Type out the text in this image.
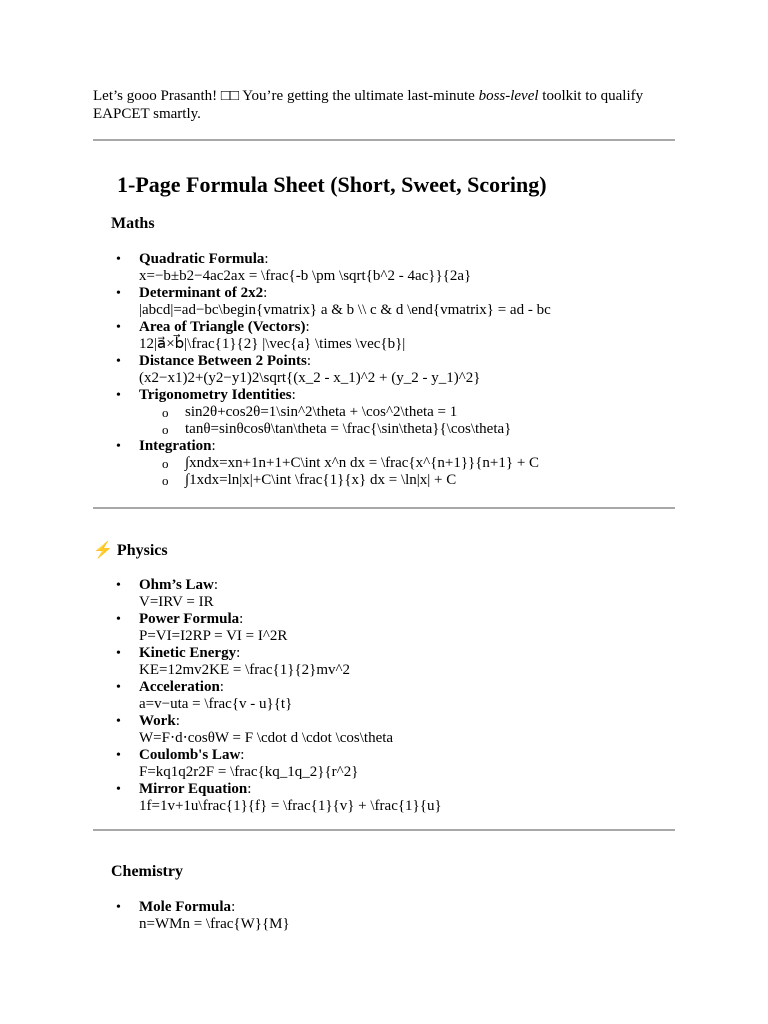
Let’s gooo Prasanth! □□ You’re getting the ultimate last-minute boss-level toolkit to qualify EAPCET smartly.
1-Page Formula Sheet (Short, Sweet, Scoring)
Maths
• Quadratic Formula:
x=−b±b2−4ac2ax = \frac{-b \pm \sqrt{b^2 - 4ac}}{2a}
• Determinant of 2x2:
|abcd|=ad−bc\begin{vmatrix} a & b \\ c & d \end{vmatrix} = ad - bc
• Area of Triangle (Vectors):
12|a⃗×b⃗|\frac{1}{2} |\vec{a} \times \vec{b}|
• Distance Between 2 Points:
(x2−x1)2+(y2−y1)2\sqrt{(x_2 - x_1)^2 + (y_2 - y_1)^2}
• Trigonometry Identities:
o sin2θ+cos2θ=1\sin^2\theta + \cos^2\theta = 1
o tanθ=sinθcosθ\tan\theta = \frac{\sin\theta}{\cos\theta}
• Integration:
o ∫xndx=xn+1n+1+C\int x^n dx = \frac{x^{n+1}}{n+1} + C
o ∫1xdx=ln|x|+C\int \frac{1}{x} dx = \ln|x| + C
⚡ Physics
• Ohm’s Law:
V=IRV = IR
• Power Formula:
P=VI=I2RP = VI = I^2R
• Kinetic Energy:
KE=12mv2KE = \frac{1}{2}mv^2
• Acceleration:
a=v−uta = \frac{v - u}{t}
• Work:
W=F⋅d⋅cosθW = F \cdot d \cdot \cos\theta
• Coulomb's Law:
F=kq1q2r2F = \frac{kq_1q_2}{r^2}
• Mirror Equation:
1f=1v+1u\frac{1}{f} = \frac{1}{v} + \frac{1}{u}
Chemistry
• Mole Formula:
n=WMn = \frac{W}{M}
